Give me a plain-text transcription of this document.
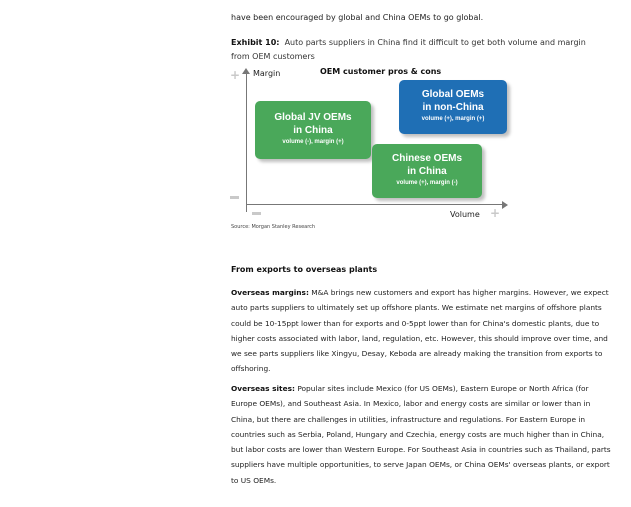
have been encouraged by global and China OEMs to go global.
Exhibit 10: Auto parts suppliers in China find it difficult to get both volume and margin from OEM customers
+
+
Margin
Volume
OEM customer pros & cons
Global JV OEMs
in China
volume (-), margin (+)
Global OEMs
in non-China
volume (+), margin (+)
Chinese OEMs
in China
volume (+), margin (-)
Source: Morgan Stanley Research
From exports to overseas plants
Overseas margins: M&A brings new customers and export has higher margins. However, we expect auto parts suppliers to ultimately set up offshore plants. We estimate net margins of offshore plants could be 10-15ppt lower than for exports and 0-5ppt lower than for China's domestic plants, due to higher costs associated with labor, land, regulation, etc. However, this should improve over time, and we see parts suppliers like Xingyu, Desay, Keboda are already making the transition from exports to offshoring.
Overseas sites: Popular sites include Mexico (for US OEMs), Eastern Europe or North Africa (for Europe OEMs), and Southeast Asia. In Mexico, labor and energy costs are similar or lower than in China, but there are challenges in utilities, infrastructure and regulations. For Eastern Europe in countries such as Serbia, Poland, Hungary and Czechia, energy costs are much higher than in China, but labor costs are lower than Western Europe. For Southeast Asia in countries such as Thailand, parts suppliers have multiple opportunities, to serve Japan OEMs, or China OEMs' overseas plants, or export to US OEMs.
